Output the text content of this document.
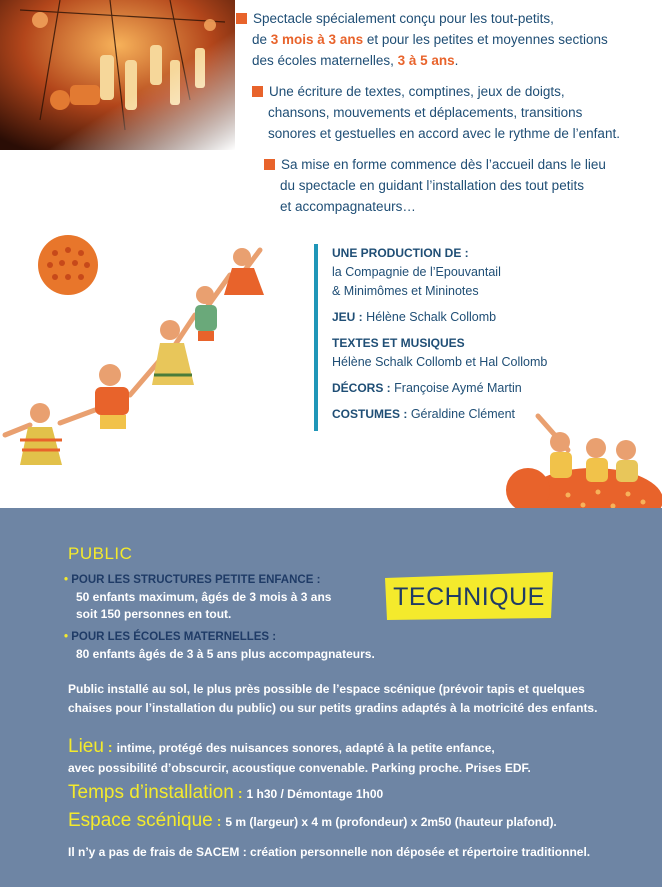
Spectacle spécialement conçu pour les tout-petits,
de 3 mois à 3 ans et pour les petites et moyennes sections
des écoles maternelles, 3 à 5 ans.
Une écriture de textes, comptines, jeux de doigts,
chansons, mouvements et déplacements, transitions
sonores et gestuelles en accord avec le rythme de l’enfant.
Sa mise en forme commence dès l’accueil dans le lieu
du spectacle en guidant l’installation des tout petits
et accompagnateurs…
UNE PRODUCTION DE :
la Compagnie de l’Epouvantail
& Minimômes et Mininotes
JEU : Hélène Schalk Collomb
TEXTES ET MUSIQUES
Hélène Schalk Collomb et Hal Collomb
DÉCORS : Françoise Aymé Martin
COSTUMES : Géraldine Clément
PUBLIC
• POUR LES STRUCTURES PETITE ENFANCE :
50 enfants maximum, âgés de 3 mois à 3 ans
soit 150 personnes en tout.
• POUR LES ÉCOLES MATERNELLES :
80 enfants âgés de 3 à 5 ans plus accompagnateurs.
Public installé au sol, le plus près possible de l’espace scénique (prévoir tapis et quelques
chaises pour l’installation du public) ou sur petits gradins adaptés à la motricité des enfants.
Lieu : intime, protégé des nuisances sonores, adapté à la petite enfance,
avec possibilité d’obscurcir, acoustique convenable. Parking proche. Prises EDF.
Temps d’installation : 1 h30 / Démontage 1h00
Espace scénique : 5 m (largeur) x 4 m (profondeur) x 2m50 (hauteur plafond).
Il n’y a pas de frais de SACEM : création personnelle non déposée et répertoire traditionnel.
TECHNIQUE
